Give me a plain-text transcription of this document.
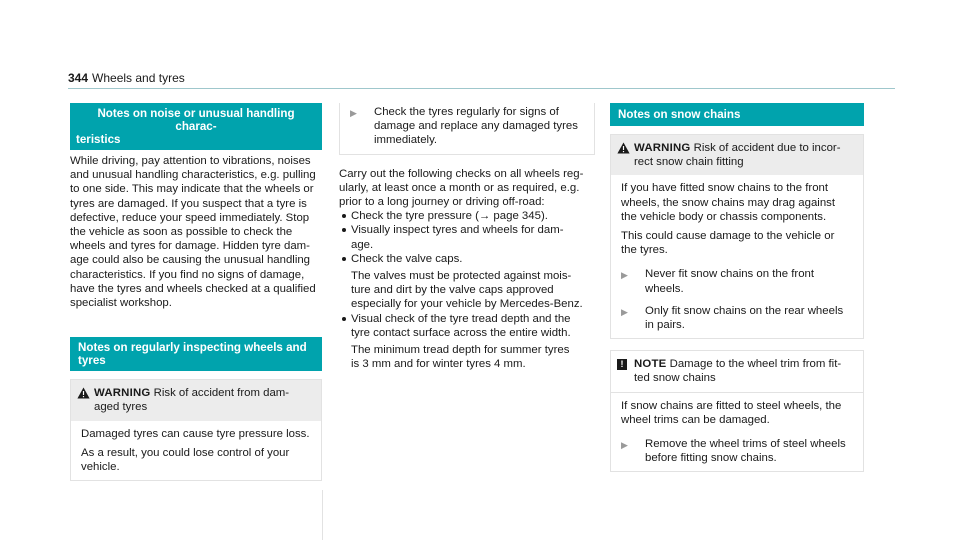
344 Wheels and tyres
Notes on noise or unusual handling charac‐
teristics

While driving, pay attention to vibrations, noises

and unusual handling characteristics, e.g. pulling

to one side. This may indicate that the wheels or

tyres are damaged. If you suspect that a tyre is

defective, reduce your speed immediately. Stop

the vehicle as soon as possible to check the

wheels and tyres for damage. Hidden tyre dam‐

age could also be causing the unusual handling

characteristics. If you find no signs of damage,

have the tyres and wheels checked at a qualified

specialist workshop.

Notes on regularly inspecting wheels and
tyres
WARNING Risk of accident from dam‐
aged tyres

Damaged tyres can cause tyre pressure loss.

As a result, you could lose control of your
vehicle.

▶	Check the tyres regularly for signs of
damage and replace any damaged tyres
immediately.
Carry out the following checks on all wheels reg‐
ularly, at least once a month or as required, e.g.
prior to a long journey or driving off-road:
Check the tyre pressure (→ page 345).
Visually inspect tyres and wheels for dam‐
age.
Check the valve caps.
The valves must be protected against mois‐
ture and dirt by the valve caps approved
especially for your vehicle by Mercedes-Benz.
Visual check of the tyre tread depth and the
tyre contact surface across the entire width.
The minimum tread depth for summer tyres
is 3 mm and for winter tyres 4 mm.
Notes on snow chains
WARNING Risk of accident due to incor‐
rect snow chain fitting

If you have fitted snow chains to the front
wheels, the snow chains may drag against
the vehicle body or chassis components.

This could cause damage to the vehicle or
the tyres.

▶	Never fit snow chains on the front
wheels.
▶	Only fit snow chains on the rear wheels
in pairs.
! NOTE Damage to the wheel trim from fit‐
ted snow chains

If snow chains are fitted to steel wheels, the
wheel trims can be damaged.

▶	Remove the wheel trims of steel wheels
before fitting snow chains.
